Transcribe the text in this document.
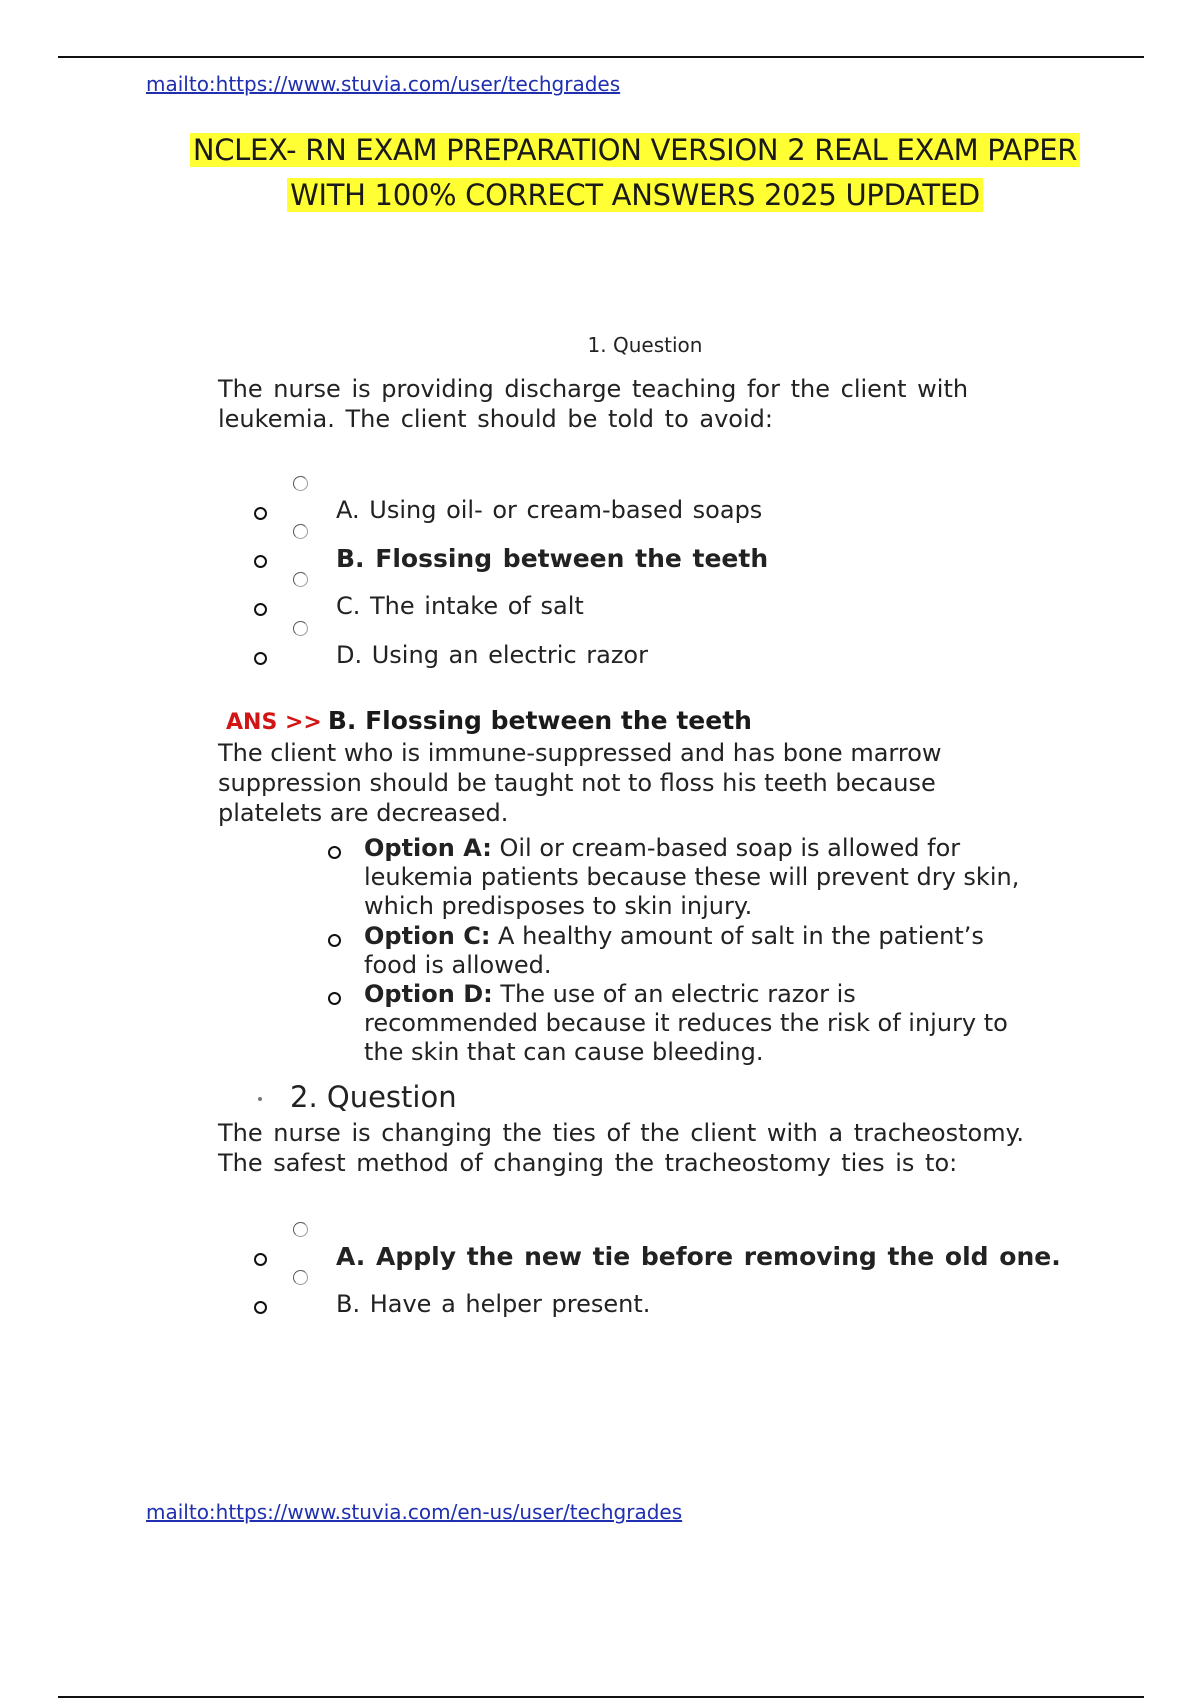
mailto:https://www.stuvia.com/user/techgrades
NCLEX- RN EXAM PREPARATION VERSION 2 REAL EXAM PAPER
WITH 100% CORRECT ANSWERS 2025 UPDATED
1. Question
The nurse is providing discharge teaching for the client with
leukemia. The client should be told to avoid:
A. Using oil- or cream-based soaps
B. Flossing between the teeth
C. The intake of salt
D. Using an electric razor
ANS >> B. Flossing between the teeth
The client who is immune-suppressed and has bone marrow
suppression should be taught not to floss his teeth because
platelets are decreased.
Option A: Oil or cream-based soap is allowed for
leukemia patients because these will prevent dry skin,
which predisposes to skin injury.
Option C: A healthy amount of salt in the patient’s
food is allowed.
Option D: The use of an electric razor is
recommended because it reduces the risk of injury to
the skin that can cause bleeding.
2. Question
The nurse is changing the ties of the client with a tracheostomy.
The safest method of changing the tracheostomy ties is to:
A. Apply the new tie before removing the old one.
B. Have a helper present.
mailto:https://www.stuvia.com/en-us/user/techgrades
